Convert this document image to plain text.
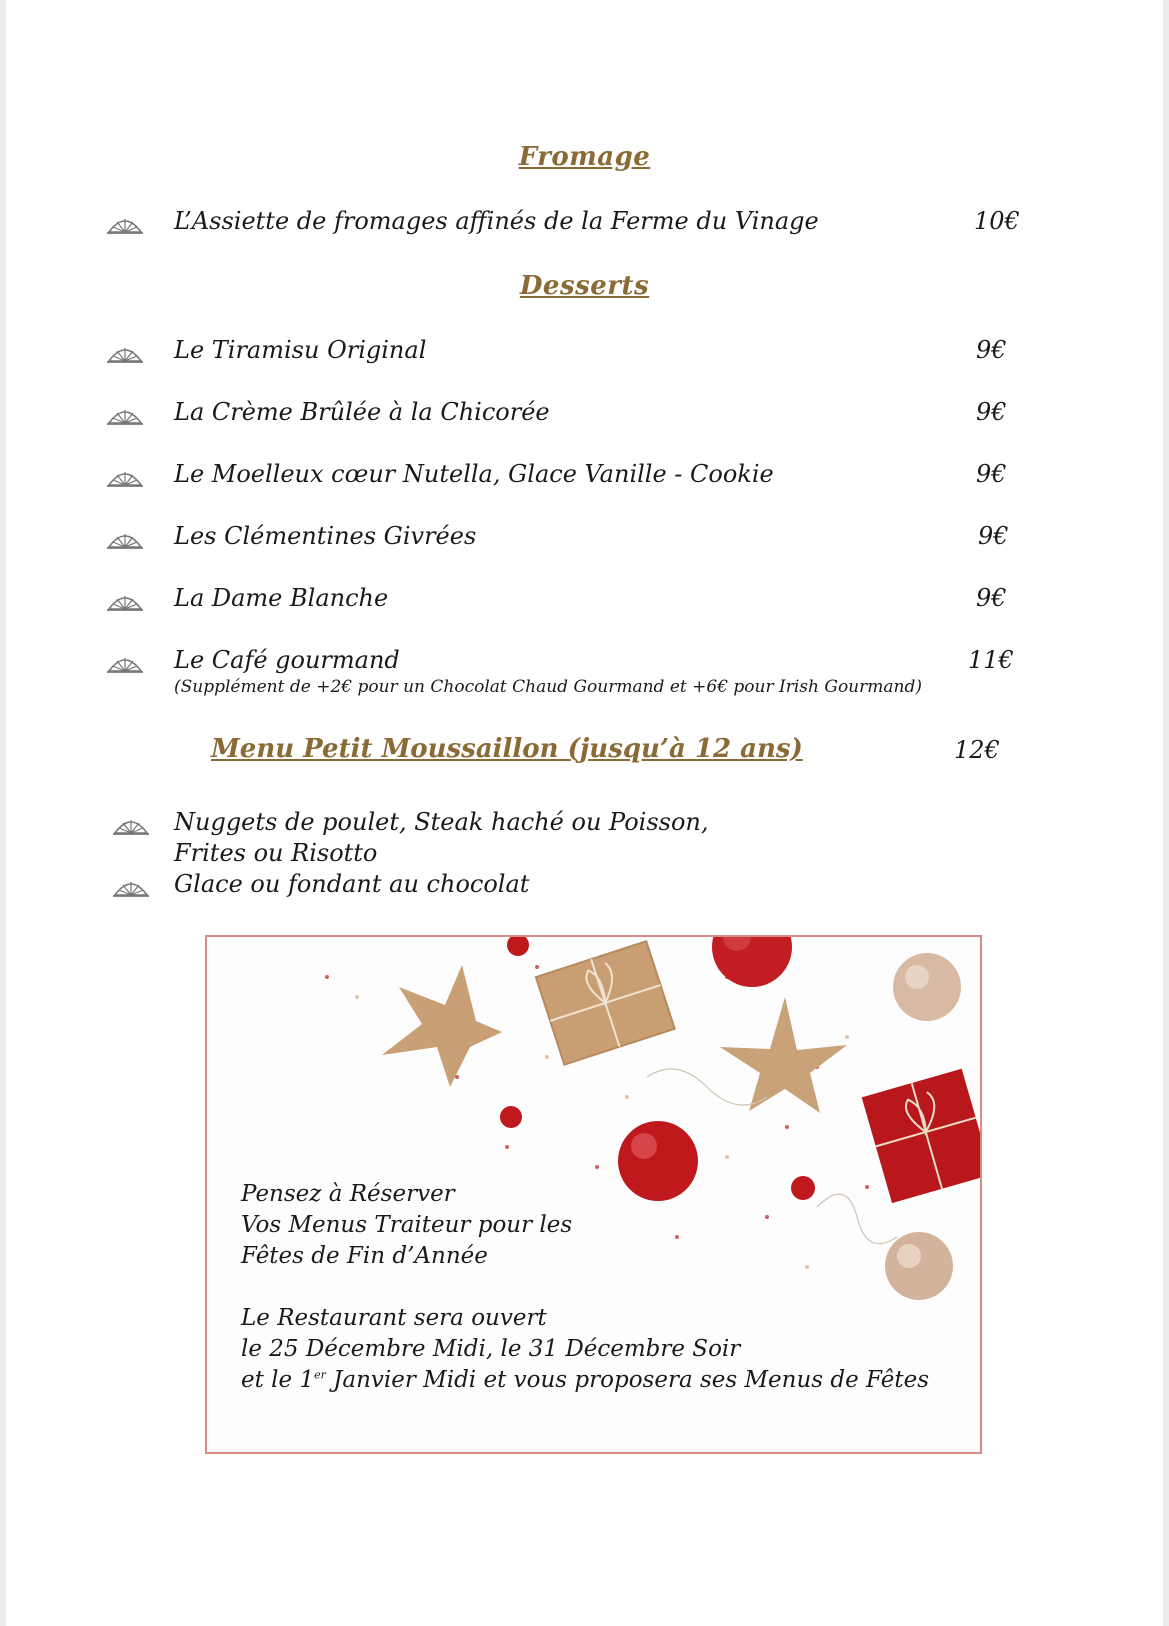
Fromage
L’Assiette de fromages affinés de la Ferme du Vinage	10€
Desserts
Le Tiramisu Original	9€
La Crème Brûlée à la Chicorée	9€
Le Moelleux cœur Nutella, Glace Vanille - Cookie	9€
Les Clémentines Givrées	9€
La Dame Blanche	9€
Le Café gourmand	11€
(Supplément de +2€ pour un Chocolat Chaud Gourmand et +6€ pour Irish Gourmand)
Menu Petit Moussaillon (jusqu’à 12 ans)	12€
Nuggets de poulet, Steak haché ou Poisson,
Frites ou Risotto
Glace ou fondant au chocolat
Pensez à Réserver
Vos Menus Traiteur pour les
Fêtes de Fin d’Année
Le Restaurant sera ouvert
le 25 Décembre Midi, le 31 Décembre Soir
et le 1er Janvier Midi et vous proposera ses Menus de Fêtes
